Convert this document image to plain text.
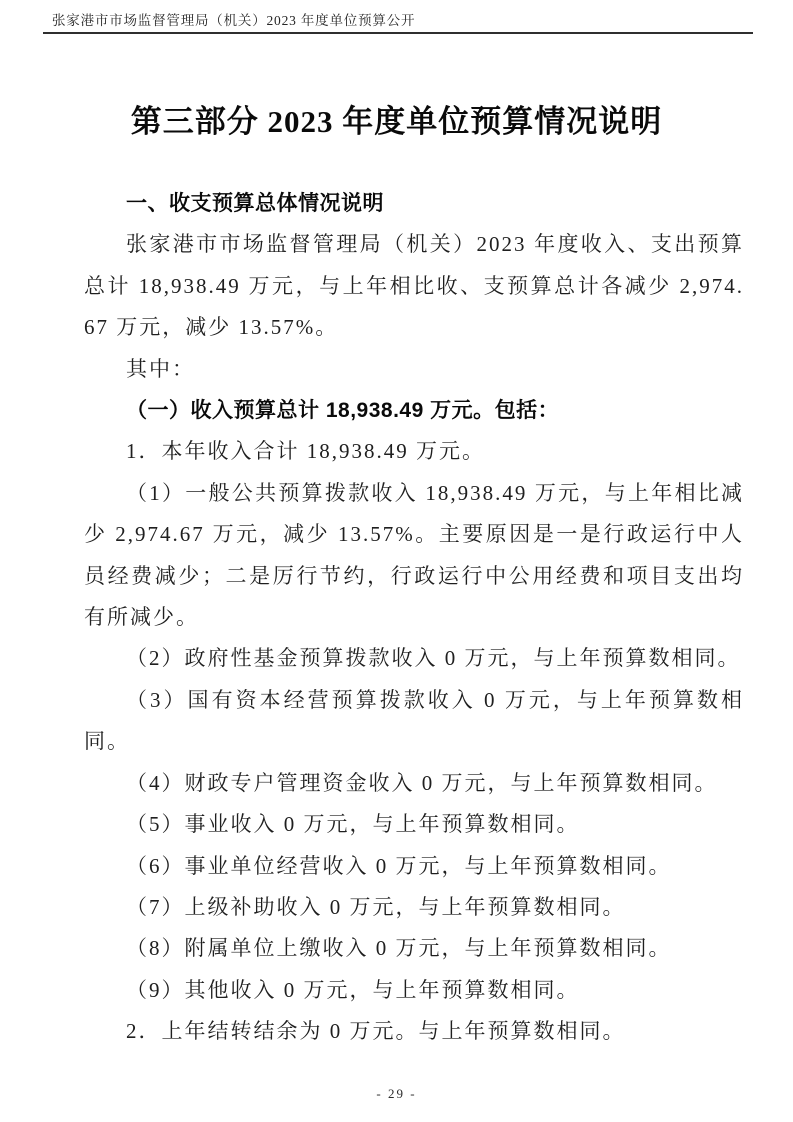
张家港市市场监督管理局（机关）2023 年度单位预算公开
第三部分 2023 年度单位预算情况说明

一、收支预算总体情况说明

张家港市市场监督管理局（机关）2023 年度收入、支出预算总计 18,938.49 万元，与上年相比收、支预算总计各减少 2,974.67 万元，减少 13.57%。

其中：

（一）收入预算总计 18,938.49 万元。包括：

1．本年收入合计 18,938.49 万元。

（1）一般公共预算拨款收入 18,938.49 万元，与上年相比减少 2,974.67 万元，减少 13.57%。主要原因是一是行政运行中人员经费减少；二是厉行节约，行政运行中公用经费和项目支出均有所减少。

（2）政府性基金预算拨款收入 0 万元，与上年预算数相同。

（3）国有资本经营预算拨款收入 0 万元，与上年预算数相同。

（4）财政专户管理资金收入 0 万元，与上年预算数相同。

（5）事业收入 0 万元，与上年预算数相同。

（6）事业单位经营收入 0 万元，与上年预算数相同。

（7）上级补助收入 0 万元，与上年预算数相同。

（8）附属单位上缴收入 0 万元，与上年预算数相同。

（9）其他收入 0 万元，与上年预算数相同。

2．上年结转结余为 0 万元。与上年预算数相同。

- 29 -
